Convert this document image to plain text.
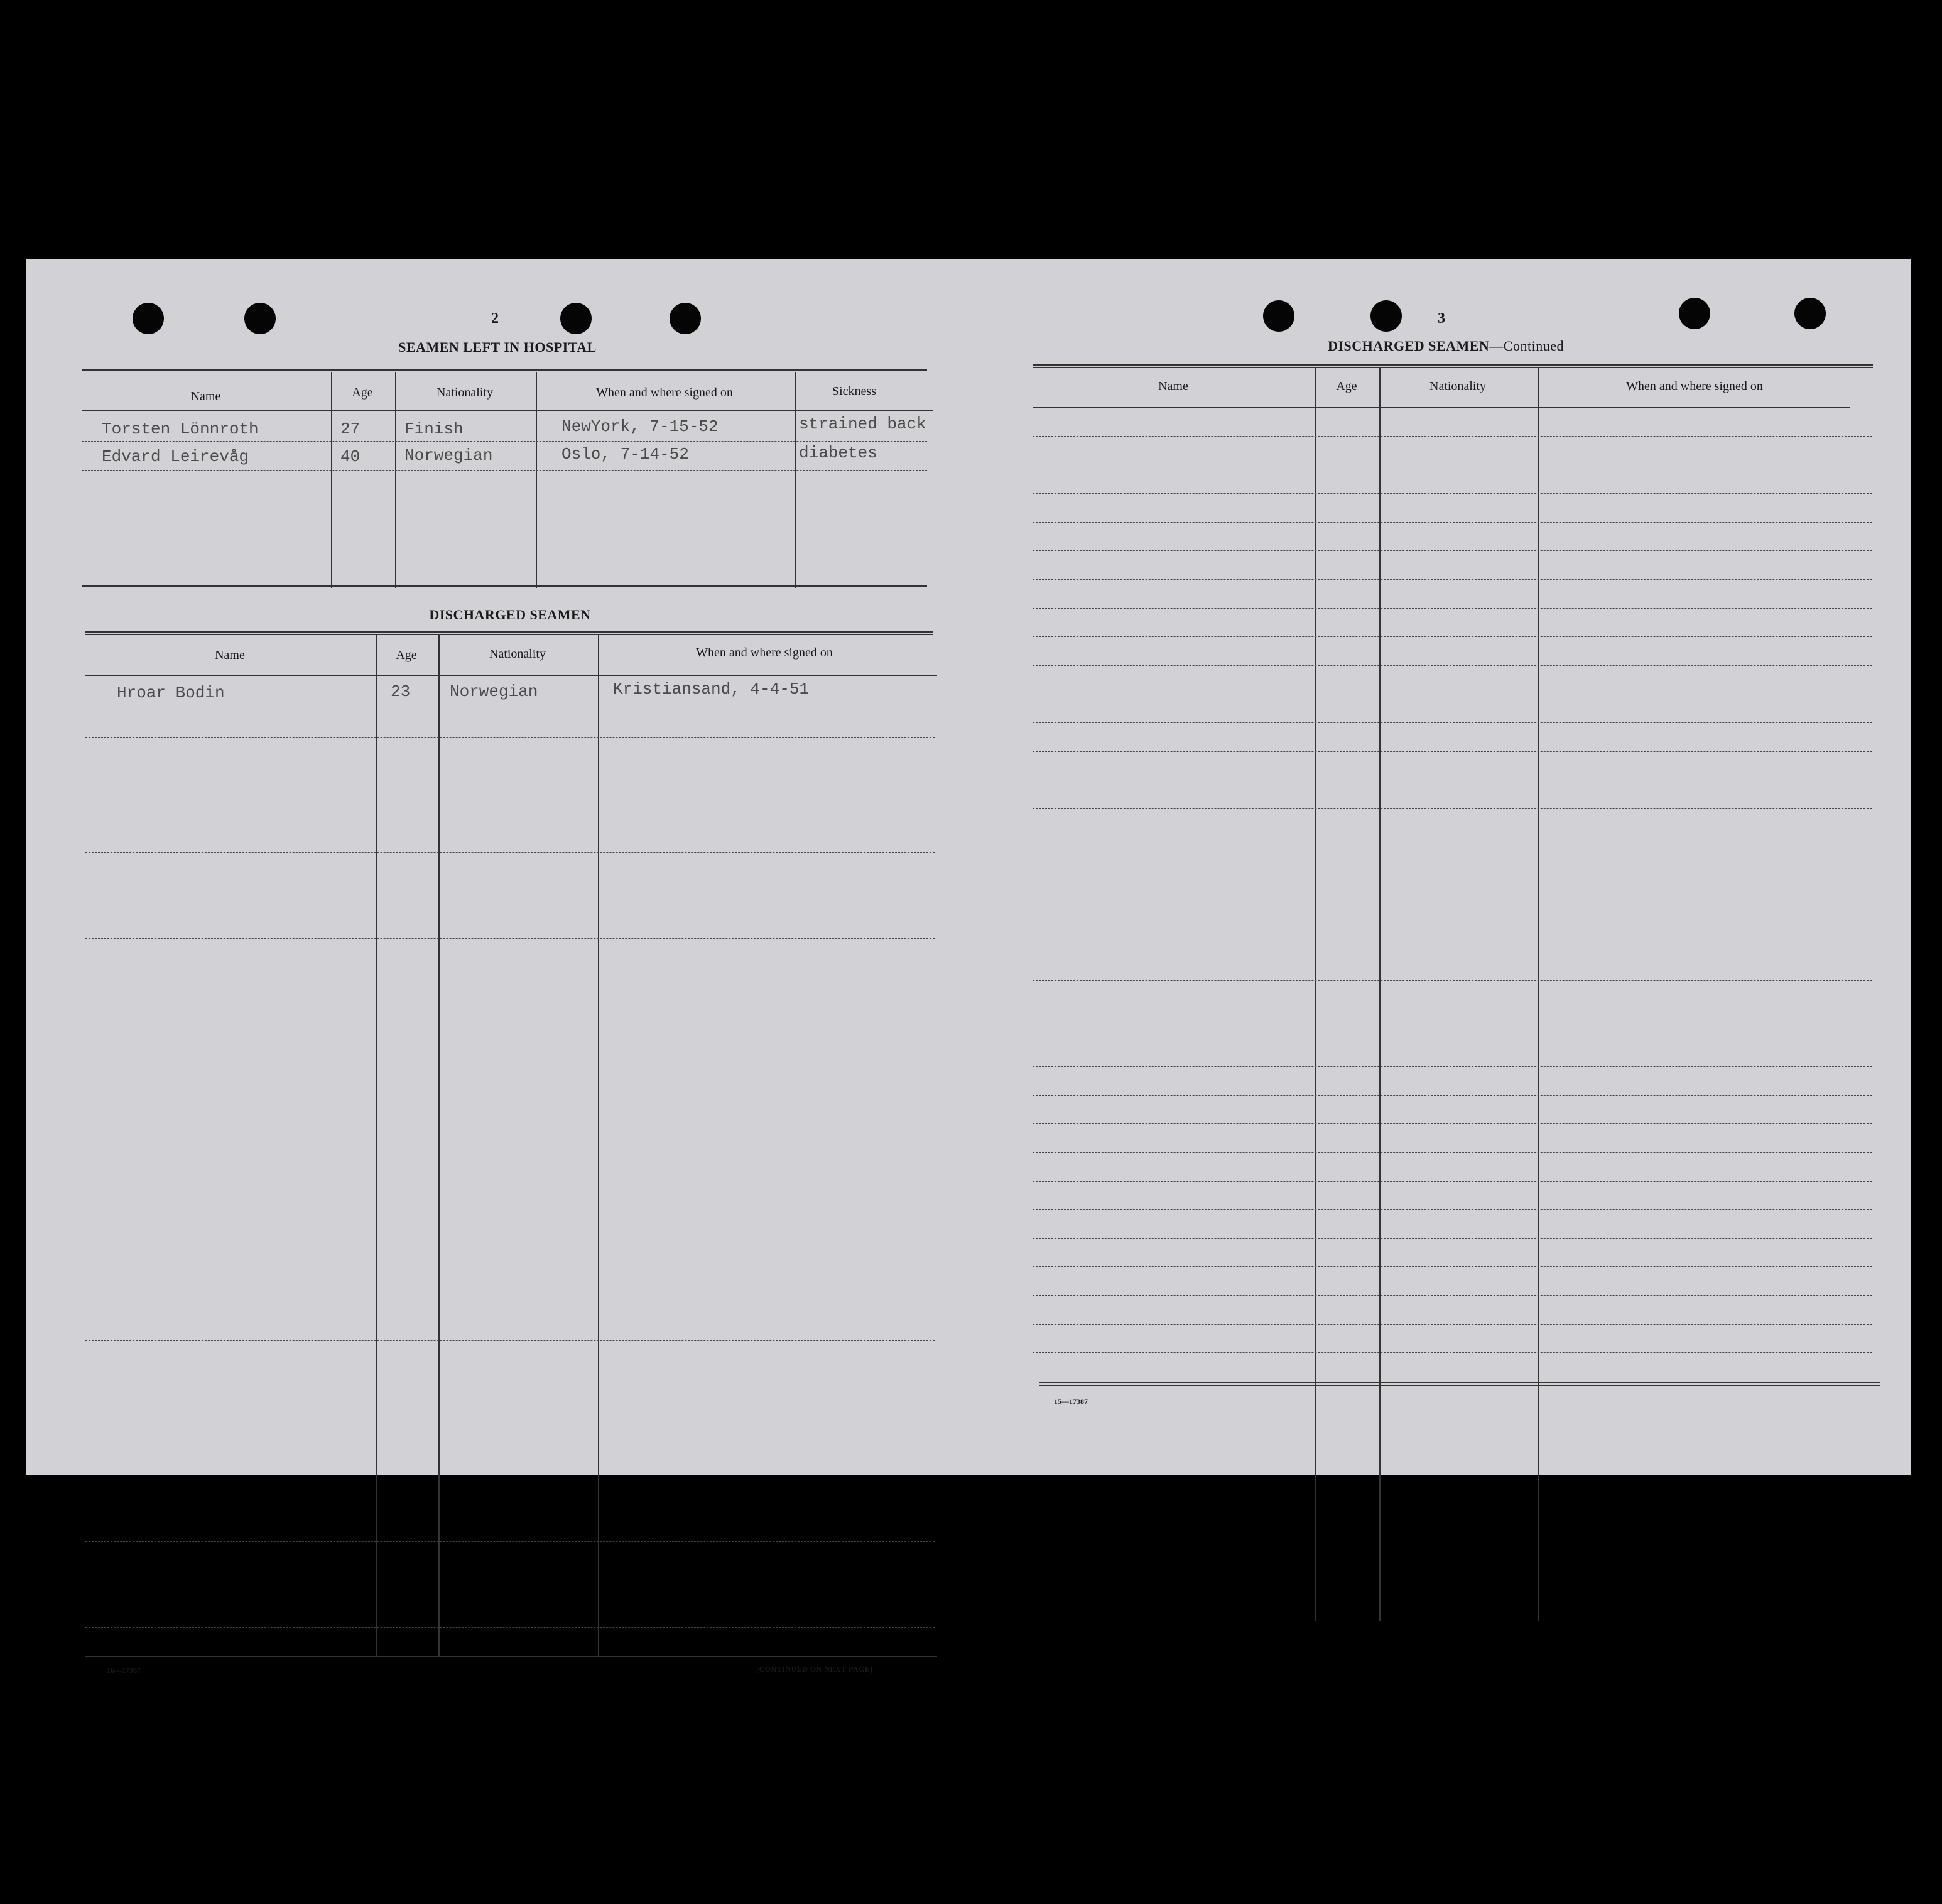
2
SEAMEN LEFT IN HOSPITAL
Name	Age	Nationality	When and where signed on	Sickness
Torsten Lönnroth	27	Finish	NewYork, 7-15-52	strained back
Edvard Leirevåg	40	Norwegian	Oslo, 7-14-52	diabetes
DISCHARGED SEAMEN
Name	Age	Nationality	When and where signed on
Hroar Bodin	23 Norwegian	Kristiansand, 4-4-51
16—17387	[CONTINUED ON NEXT PAGE]
3
DISCHARGED SEAMEN—Continued
Name	Age	Nationality	When and where signed on
15—17387
